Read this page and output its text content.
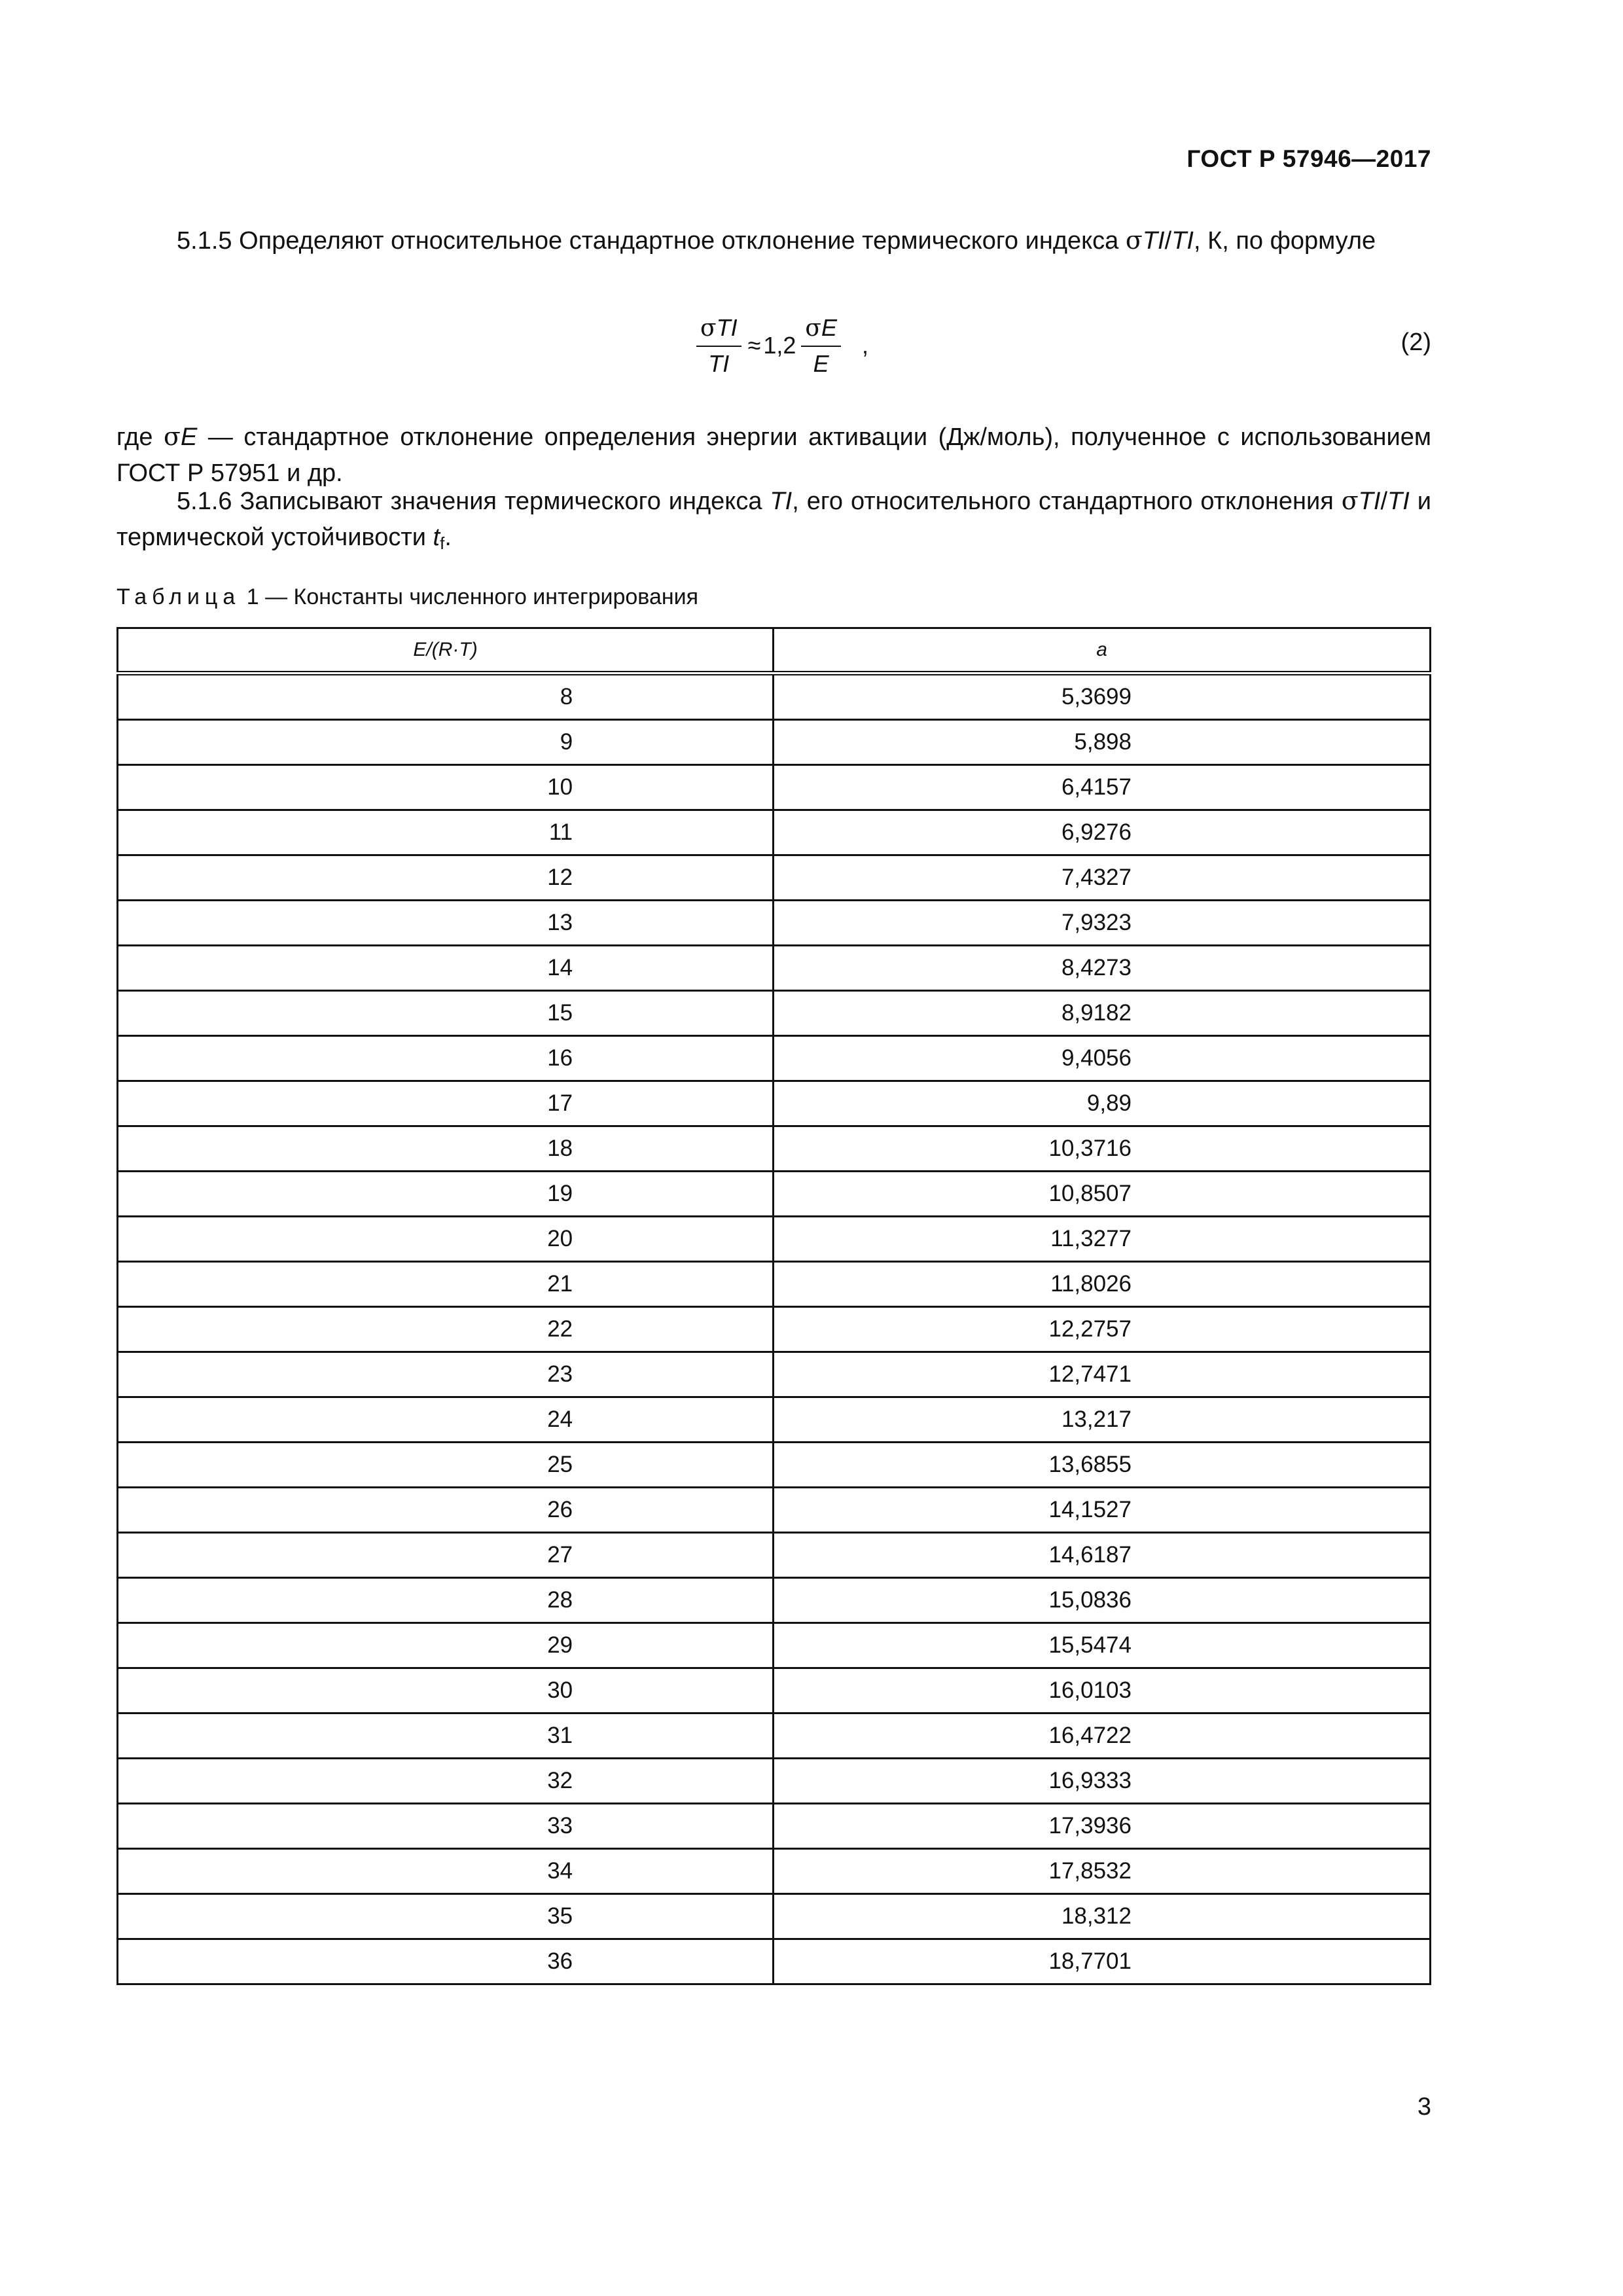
ГОСТ Р 57946—2017

5.1.5 Определяют относительное стандартное отклонение термического индекса σTI/TI, К, по формуле

$\frac{\text{σTI}}{TI} \approx 1,2 \frac{\sigma E}{E}$ ,	(2)

где σE — стандартное отклонение определения энергии активации (Дж/моль), полученное с использованием ГОСТ Р 57951 и др.

5.1.6 Записывают значения термического индекса TI, его относительного стандартного отклонения σTI/TI и термической устойчивости $t_f$.

Таблица 1 — Константы численного интегрирования
E/(R·T)	a
8	5,3699
9	5,898
10	6,4157
11	6,9276
12	7,4327
13	7,9323
14	8,4273
15	8,9182
16	9,4056
17	9,89
18	10,3716
19	10,8507
20	11,3277
21	11,8026
22	12,2757
23	12,7471
24	13,217
25	13,6855
26	14,1527
27	14,6187
28	15,0836
29	15,5474
30	16,0103
31	16,4722
32	16,9333
33	17,3936
34	17,8532
35	18,312
36	18,7701
3
